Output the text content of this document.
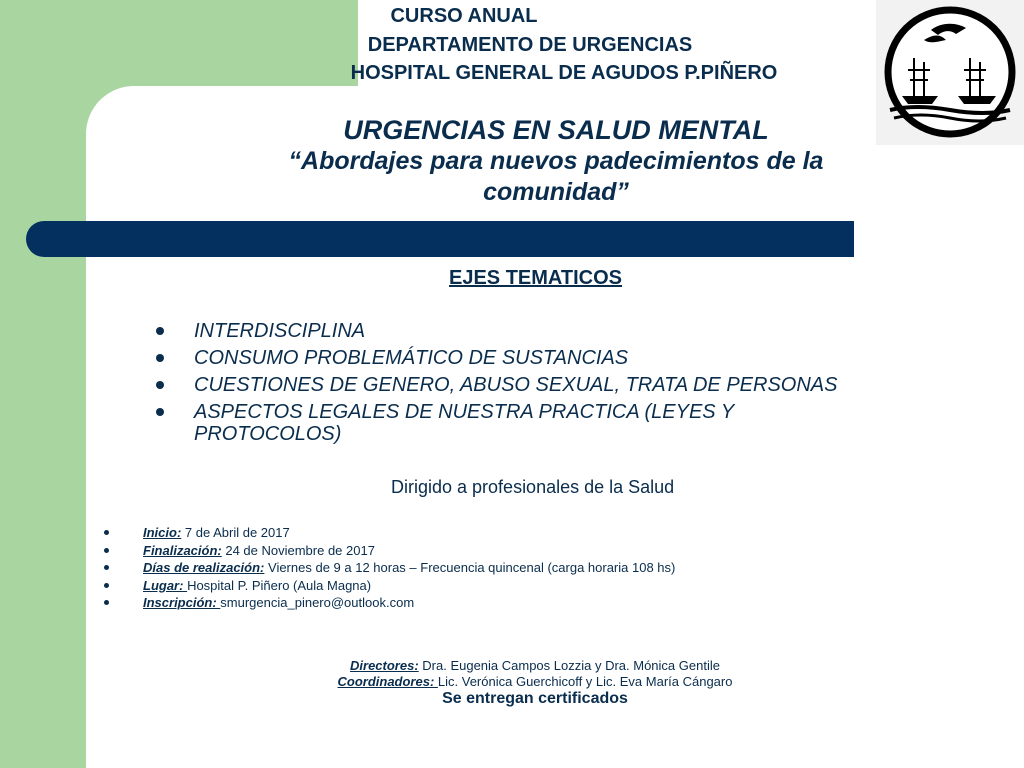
CURSO ANUAL
DEPARTAMENTO DE URGENCIAS
HOSPITAL GENERAL DE AGUDOS P.PIÑERO
URGENCIAS EN SALUD MENTAL
“Abordajes para nuevos padecimientos de la comunidad”
EJES TEMATICOS
INTERDISCIPLINA
CONSUMO PROBLEMÁTICO DE SUSTANCIAS
CUESTIONES DE GENERO, ABUSO SEXUAL, TRATA DE PERSONAS
ASPECTOS LEGALES DE NUESTRA PRACTICA (LEYES Y PROTOCOLOS)
Dirigido a profesionales de la Salud
Inicio: 7 de Abril de 2017
Finalización: 24 de Noviembre de 2017
Días de realización: Viernes de 9 a 12 horas – Frecuencia quincenal (carga horaria 108 hs)
Lugar: Hospital P. Piñero (Aula Magna)
Inscripción: smurgencia_pinero@outlook.com
Directores: Dra. Eugenia Campos Lozzia y Dra. Mónica Gentile
Coordinadores: Lic. Verónica Guerchicoff y Lic. Eva María Cángaro
Se entregan certificados
